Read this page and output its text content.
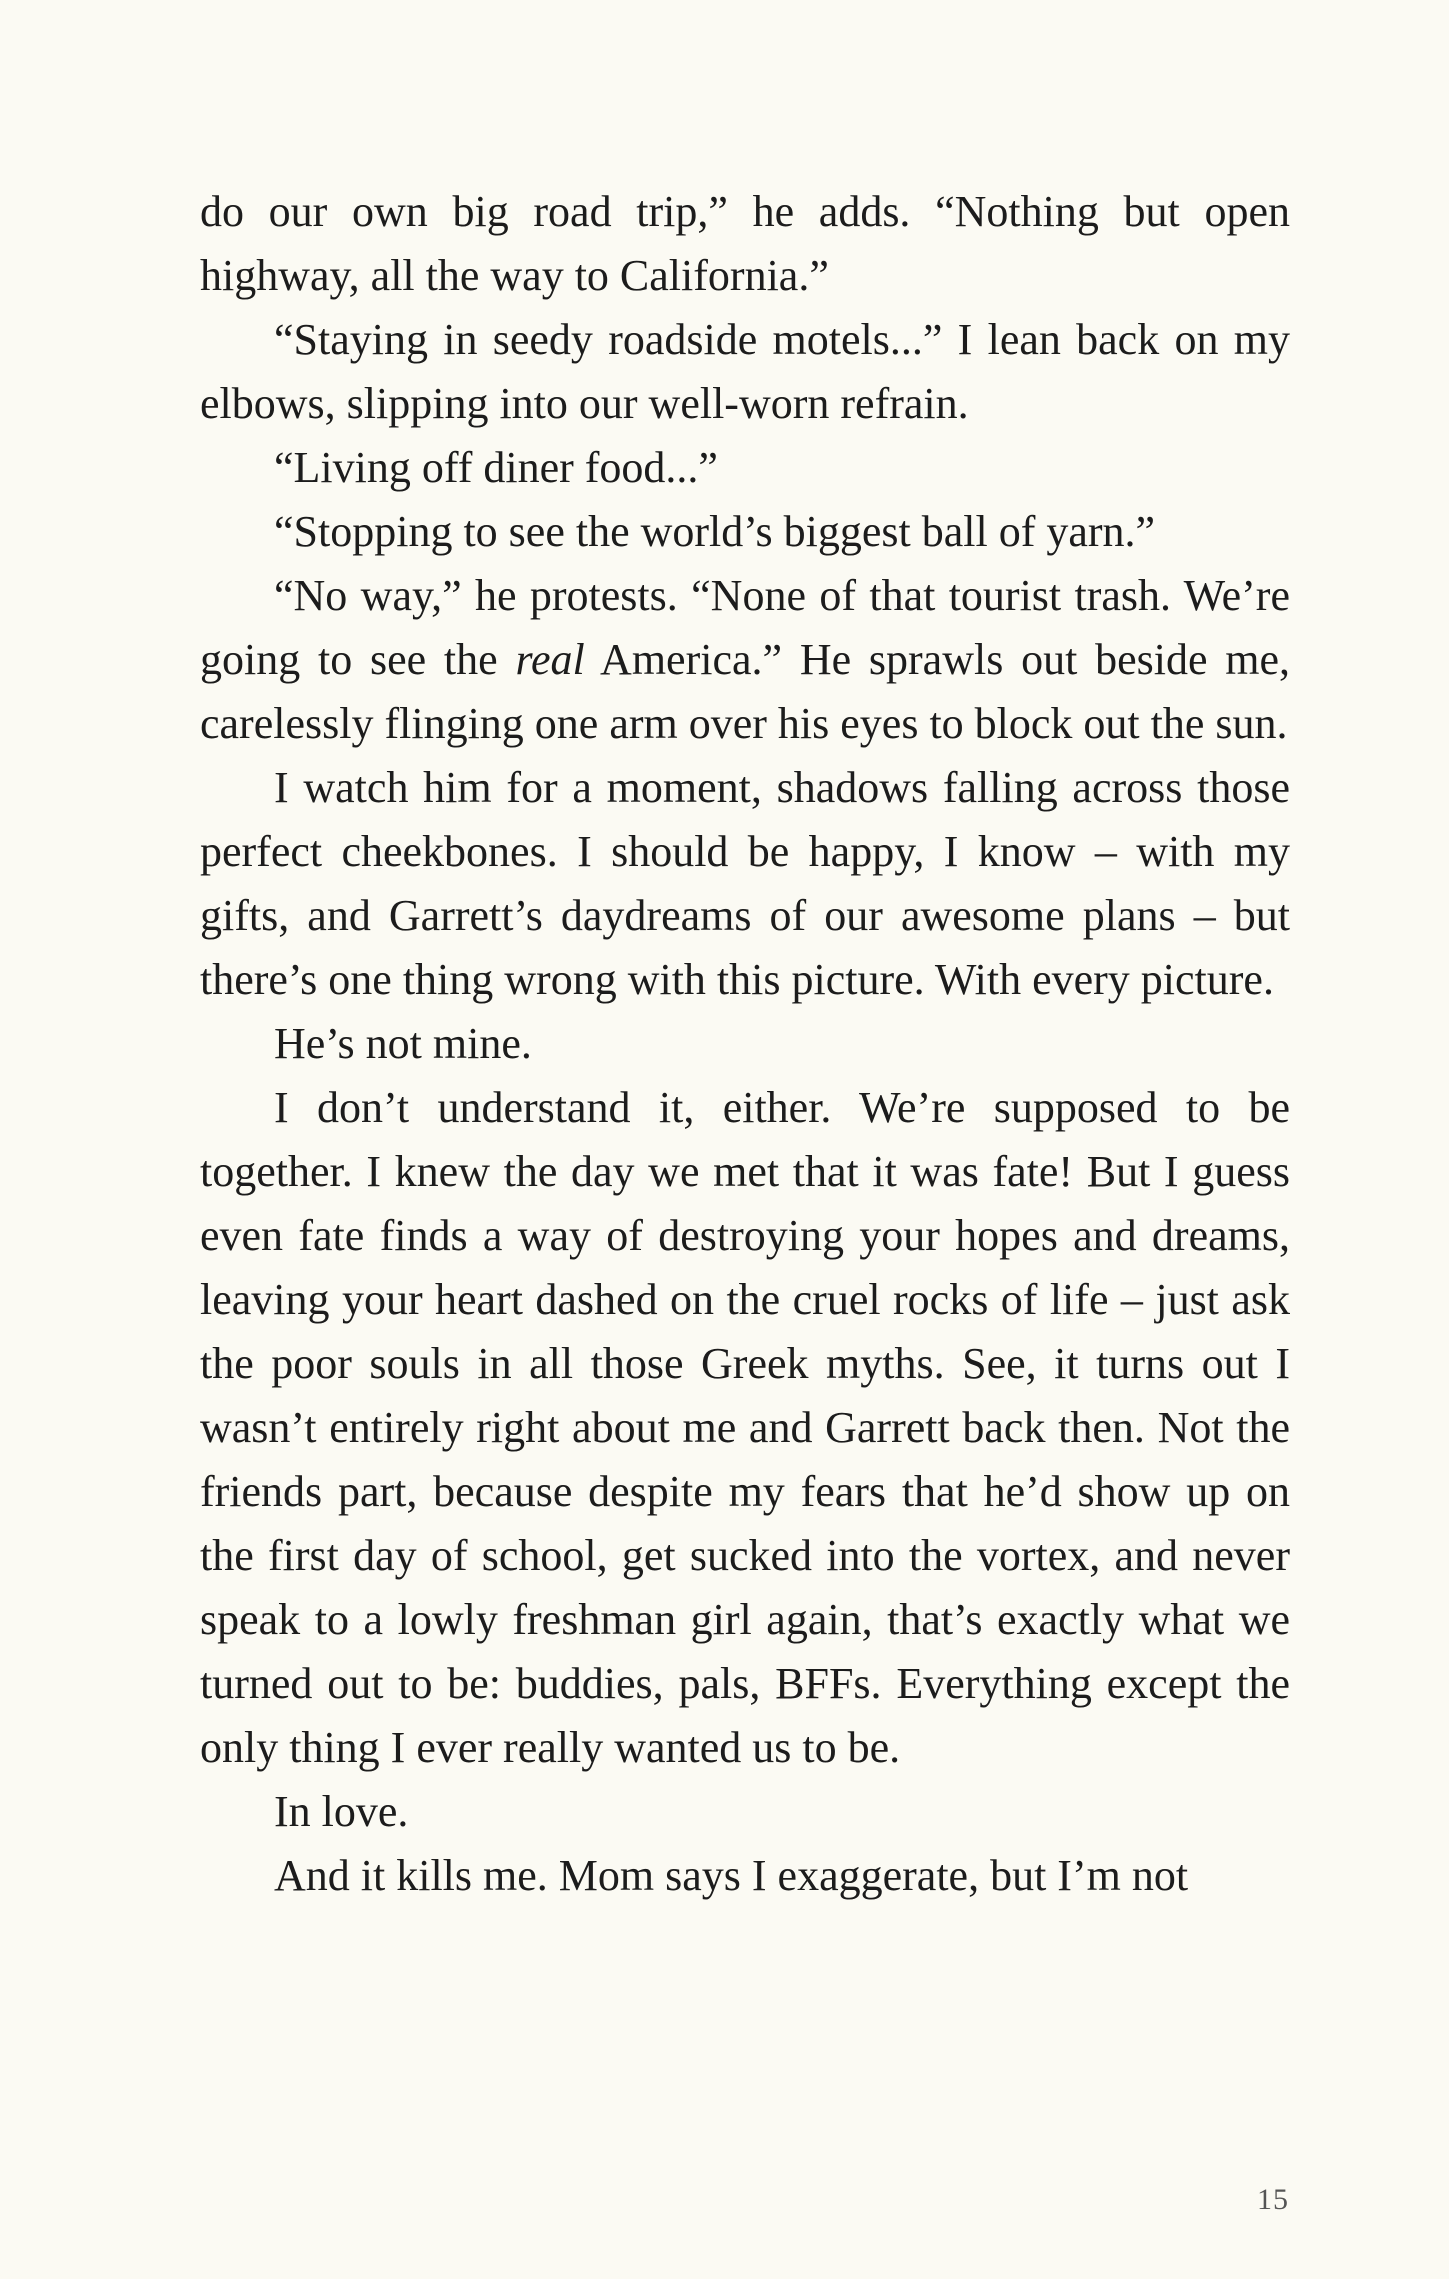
do our own big road trip,” he adds. “Nothing but open highway, all the way to California.”

“Staying in seedy roadside motels...” I lean back on my elbows, slipping into our well-worn refrain.

“Living off diner food...”

“Stopping to see the world’s biggest ball of yarn.”

“No way,” he protests. “None of that tourist trash. We’re going to see the real America.” He sprawls out beside me, carelessly flinging one arm over his eyes to block out the sun.

I watch him for a moment, shadows falling across those perfect cheekbones. I should be happy, I know – with my gifts, and Garrett’s daydreams of our awesome plans – but there’s one thing wrong with this picture. With every picture.

He’s not mine.

I don’t understand it, either. We’re supposed to be together. I knew the day we met that it was fate! But I guess even fate finds a way of destroying your hopes and dreams, leaving your heart dashed on the cruel rocks of life – just ask the poor souls in all those Greek myths. See, it turns out I wasn’t entirely right about me and Garrett back then. Not the friends part, because despite my fears that he’d show up on the first day of school, get sucked into the vortex, and never speak to a lowly freshman girl again, that’s exactly what we turned out to be: buddies, pals, BFFs. Everything except the only thing I ever really wanted us to be.

In love.

And it kills me. Mom says I exaggerate, but I’m not

15
